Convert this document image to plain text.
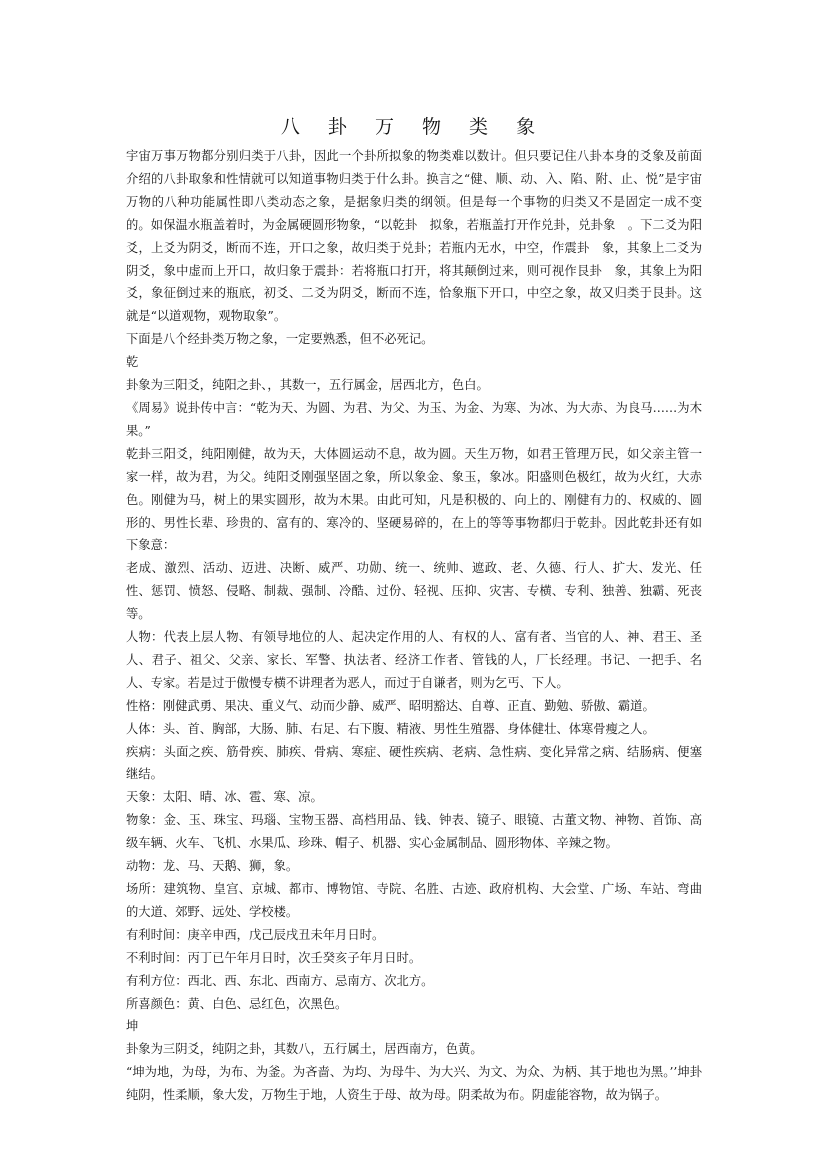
八 卦 万 物 类 象

宇宙万事万物都分别归类于八卦，因此一个卦所拟象的物类难以数计。但只要记住八卦本身的爻象及前面介绍的八卦取象和性情就可以知道事物归类于什么卦。换言之“健、顺、动、入、陷、附、止、悦”是宇宙万物的八种功能属性即八类动态之象，是据象归类的纲领。但是每一个事物的归类又不是固定一成不变的。如保温水瓶盖着时，为金属硬圆形物象，“以乾卦　拟象，若瓶盖打开作兑卦，兑卦象　。下二爻为阳爻，上爻为阴爻，断而不连，开口之象，故归类于兑卦；若瓶内无水，中空，作震卦　象，其象上二爻为阴爻，象中虚而上开口，故归象于震卦：若将瓶口打开，将其颠倒过来，则可视作艮卦　象，其象上为阳爻，象征倒过来的瓶底，初爻、二爻为阴爻，断而不连，恰象瓶下开口，中空之象，故又归类于艮卦。这就是“以道观物，观物取象”。

下面是八个经卦类万物之象，一定要熟悉，但不必死记。

乾

卦象为三阳爻，纯阳之卦、，其数一，五行属金，居西北方，色白。

《周易》说卦传中言：“乾为天、为圆、为君、为父、为玉、为金、为寒、为冰、为大赤、为良马……为木果。”

乾卦三阳爻，纯阳刚健，故为天，大体圆运动不息，故为圆。天生万物，如君王管理万民，如父亲主管一家一样，故为君，为父。纯阳爻刚强坚固之象，所以象金、象玉，象冰。阳盛则色极红，故为火红，大赤色。刚健为马，树上的果实圆形，故为木果。由此可知，凡是积极的、向上的、刚健有力的、权威的、圆形的、男性长辈、珍贵的、富有的、寒冷的、坚硬易碎的，在上的等等事物都归于乾卦。因此乾卦还有如下象意：

老成、激烈、活动、迈进、决断、威严、功勋、统一、统帅、遮政、老、久德、行人、扩大、发光、任性、惩罚、愤怒、侵略、制裁、强制、冷酷、过份、轻视、压抑、灾害、专横、专利、独善、独霸、死丧等。

人物：代表上层人物、有领导地位的人、起决定作用的人、有权的人、富有者、当官的人、神、君王、圣人、君子、祖父、父亲、家长、军警、执法者、经济工作者、管钱的人，厂长经理。书记、一把手、名人、专家。若是过于傲慢专横不讲理者为恶人，而过于自谦者，则为乞丐、下人。

性格：刚健武勇、果决、重义气、动而少静、威严、昭明豁达、自尊、正直、勤勉、骄傲、霸道。

人体：头、首、胸部，大肠、肺、右足、右下腹、精液、男性生殖器、身体健壮、体寒骨瘦之人。

疾病：头面之疾、筋骨疾、肺疾、骨病、寒症、硬性疾病、老病、急性病、变化异常之病、结肠病、便塞继结。

天象：太阳、晴、冰、雹、寒、凉。

物象：金、玉、珠宝、玛瑙、宝物玉器、高档用品、钱、钟表、镜子、眼镜、古董文物、神物、首饰、高级车辆、火车、飞机、水果瓜、珍珠、帽子、机器、实心金属制品、圆形物体、辛辣之物。

动物：龙、马、天鹅、狮，象。

场所：建筑物、皇宫、京城、都市、博物馆、寺院、名胜、古迹、政府机构、大会堂、广场、车站、弯曲的大道、郊野、远处、学校楼。

有利时间：庚辛申西，戊己辰戌丑未年月日时。

不利时间：丙丁已午年月日时，次壬癸亥子年月日时。

有利方位：西北、西、东北、西南方、忌南方、次北方。

所喜颜色：黄、白色、忌红色，次黑色。

坤

卦象为三阴爻，纯阴之卦，其数八，五行属土，居西南方，色黄。

“坤为地，为母，为布、为釜。为吝啬、为均、为母牛、为大兴、为文、为众、为柄、其于地也为黑。’’坤卦　纯阴，性柔顺，象大发，万物生于地，人资生于母、故为母。阴柔故为布。阴虚能容物，故为锅子。
